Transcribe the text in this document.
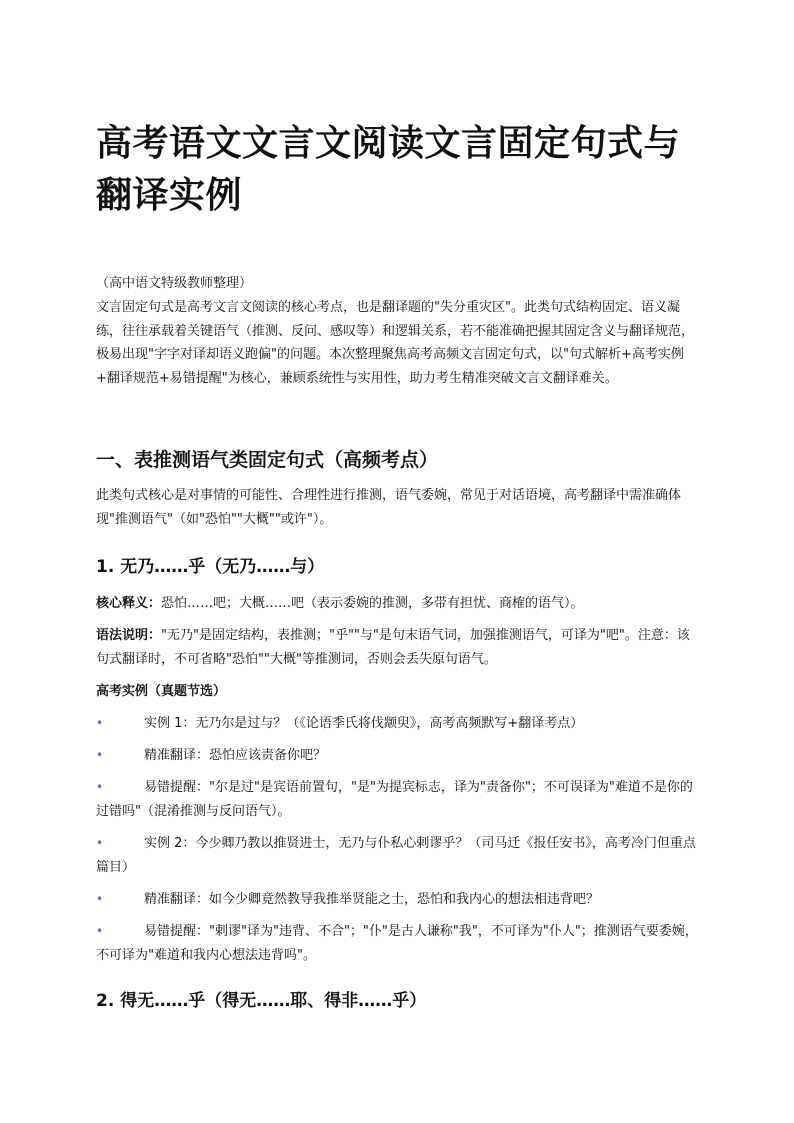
高考语文文言文阅读文言固定句式与翻译实例

（高中语文特级教师整理）

文言固定句式是高考文言文阅读的核心考点，也是翻译题的"失分重灾区"。此类句式结构固定、语义凝练，往往承载着关键语气（推测、反问、感叹等）和逻辑关系，若不能准确把握其固定含义与翻译规范，极易出现"字字对译却语义跑偏"的问题。本次整理聚焦高考高频文言固定句式，以"句式解析+高考实例+翻译规范+易错提醒"为核心，兼顾系统性与实用性，助力考生精准突破文言文翻译难关。

一、表推测语气类固定句式（高频考点）

此类句式核心是对事情的可能性、合理性进行推测，语气委婉，常见于对话语境，高考翻译中需准确体现"推测语气"（如"恐怕""大概""或许"）。

1. 无乃……乎（无乃……与）

核心释义：恐怕……吧；大概……吧（表示委婉的推测，多带有担忧、商榷的语气）。

语法说明："无乃"是固定结构，表推测；"乎""与"是句末语气词，加强推测语气，可译为"吧"。注意：该句式翻译时，不可省略"恐怕""大概"等推测词，否则会丢失原句语气。

高考实例（真题节选）

•	实例 1：无乃尔是过与？（《论语季氏将伐颛臾》，高考高频默写+翻译考点）
•	精准翻译：恐怕应该责备你吧？
•	易错提醒："尔是过"是宾语前置句，"是"为提宾标志，译为"责备你"；不可误译为"难道不是你的过错吗"（混淆推测与反问语气）。
•	实例 2：今少卿乃教以推贤进士，无乃与仆私心剌谬乎？（司马迁《报任安书》，高考冷门但重点篇目）
•	精准翻译：如今少卿竟然教导我推举贤能之士，恐怕和我内心的想法相违背吧？
•	易错提醒："剌谬"译为"违背、不合"；"仆"是古人谦称"我"，不可译为"仆人"；推测语气要委婉，不可译为"难道和我内心想法违背吗"。
2. 得无……乎（得无……耶、得非……乎）
